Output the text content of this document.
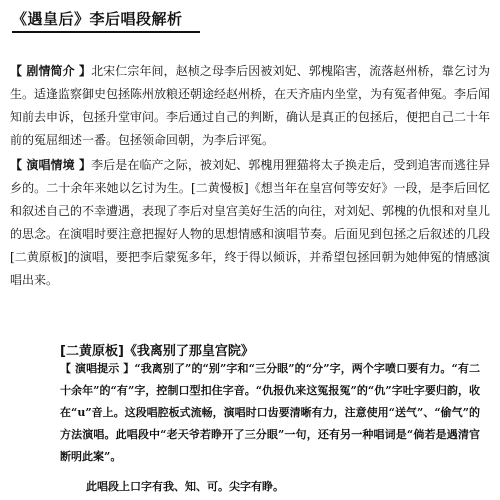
《遇皇后》李后唱段解析

【 剧情简介 】北宋仁宗年间，赵桢之母李后因被刘妃、郭槐陷害，流落赵州桥，靠乞讨为生。适逢监察御史包拯陈州放粮还朝途经赵州桥，在天齐庙内坐堂，为有冤者伸冤。李后闻知前去申诉，包拯升堂审问。李后通过自己的判断，确认是真正的包拯后，便把自己二十年前的冤屈细述一番。包拯领命回朝，为李后评冤。

【 演唱情境 】李后是在临产之际，被刘妃、郭槐用狸猫将太子换走后，受到追害而逃往异乡的。二十余年来她以乞讨为生。[二黄慢板]《想当年在皇宫何等安好》一段，是李后回忆和叙述自己的不幸遭遇，表现了李后对皇宫美好生活的向往，对刘妃、郭槐的仇恨和对皇儿的思念。在演唱时要注意把握好人物的思想情感和演唱节奏。后面见到包拯之后叙述的几段[二黄原板]的演唱，要把李后蒙冤多年，终于得以倾诉，并希望包拯回朝为她伸冤的情感演唱出来。

[二黄原板]《我离别了那皇宫院》

【 演唱提示 】“我离别了”的“别”字和“三分眼”的“分”字，两个字喷口要有力。“有二十余年”的“有”字，控制口型扣住字音。“仇报仇来这冤报冤”的“仇”字吐字要归韵，收在“u”音上。这段唱腔板式流畅，演唱时口齿要清晰有力，注意使用“送气”、“偷气”的方法演唱。此唱段中“老天爷若睁开了三分眼”一句，还有另一种唱词是“倘若是遇清官断明此案”。

此唱段上口字有我、知、可。尖字有睁。
